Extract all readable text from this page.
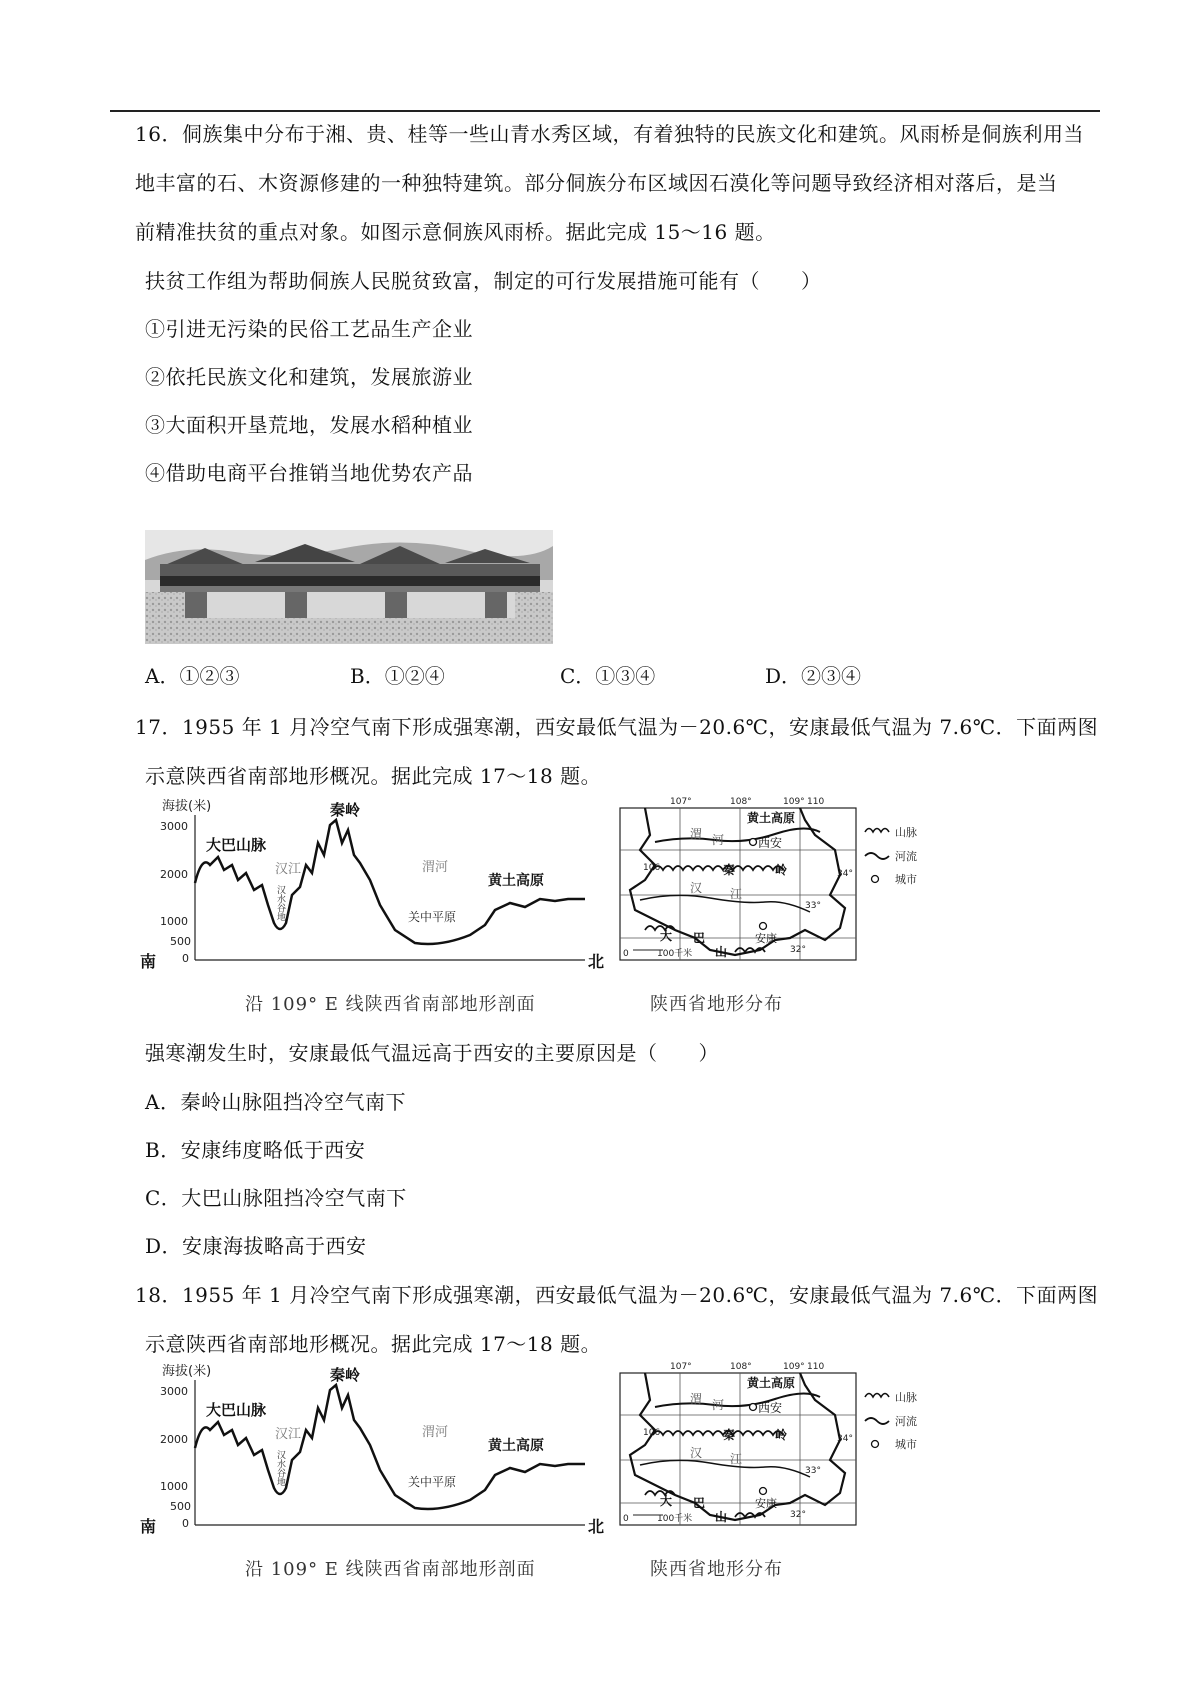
16．侗族集中分布于湘、贵、桂等一些山青水秀区域，有着独特的民族文化和建筑。风雨桥是侗族利用当
地丰富的石、木资源修建的一种独特建筑。部分侗族分布区域因石漠化等问题导致经济相对落后，是当
前精准扶贫的重点对象。如图示意侗族风雨桥。据此完成 15～16 题。
扶贫工作组为帮助侗族人民脱贫致富，制定的可行发展措施可能有（　　）
①引进无污染的民俗工艺品生产企业
②依托民族文化和建筑，发展旅游业
③大面积开垦荒地，发展水稻种植业
④借助电商平台推销当地优势农产品
A．①②③	B．①②④	C．①③④	D．②③④
17．1955 年 1 月冷空气南下形成强寒潮，西安最低气温为－20.6℃，安康最低气温为 7.6℃．下面两图
示意陕西省南部地形概况。据此完成 17～18 题。
海拔(米)
3000
2000
1000
500
0
南	北
大巴山脉
秦岭
汉江
汉水谷地
渭河
关中平原
黄土高原
沿 109° E 线陕西省南部地形剖面
107°	108°	109° 110
106
34°
33°
32°
黄土高原
渭 河	西安
秦	岭
汉 江
大 巴
山
安康
0	100千米
山脉
河流
城市
陕西省地形分布
强寒潮发生时，安康最低气温远高于西安的主要原因是（　　）
A．秦岭山脉阻挡冷空气南下
B．安康纬度略低于西安
C．大巴山脉阻挡冷空气南下
D．安康海拔略高于西安
18．1955 年 1 月冷空气南下形成强寒潮，西安最低气温为－20.6℃，安康最低气温为 7.6℃．下面两图
示意陕西省南部地形概况。据此完成 17～18 题。
海拔(米)
3000
2000
1000
500
0
南	北
大巴山脉
秦岭
汉江
汉水谷地
渭河
关中平原
黄土高原
沿 109° E 线陕西省南部地形剖面
107°	108°	109° 110
106
34°
33°
32°
黄土高原
渭 河	西安
秦	岭
汉 江
大 巴
山
安康
0	100千米
山脉
河流
城市
陕西省地形分布
